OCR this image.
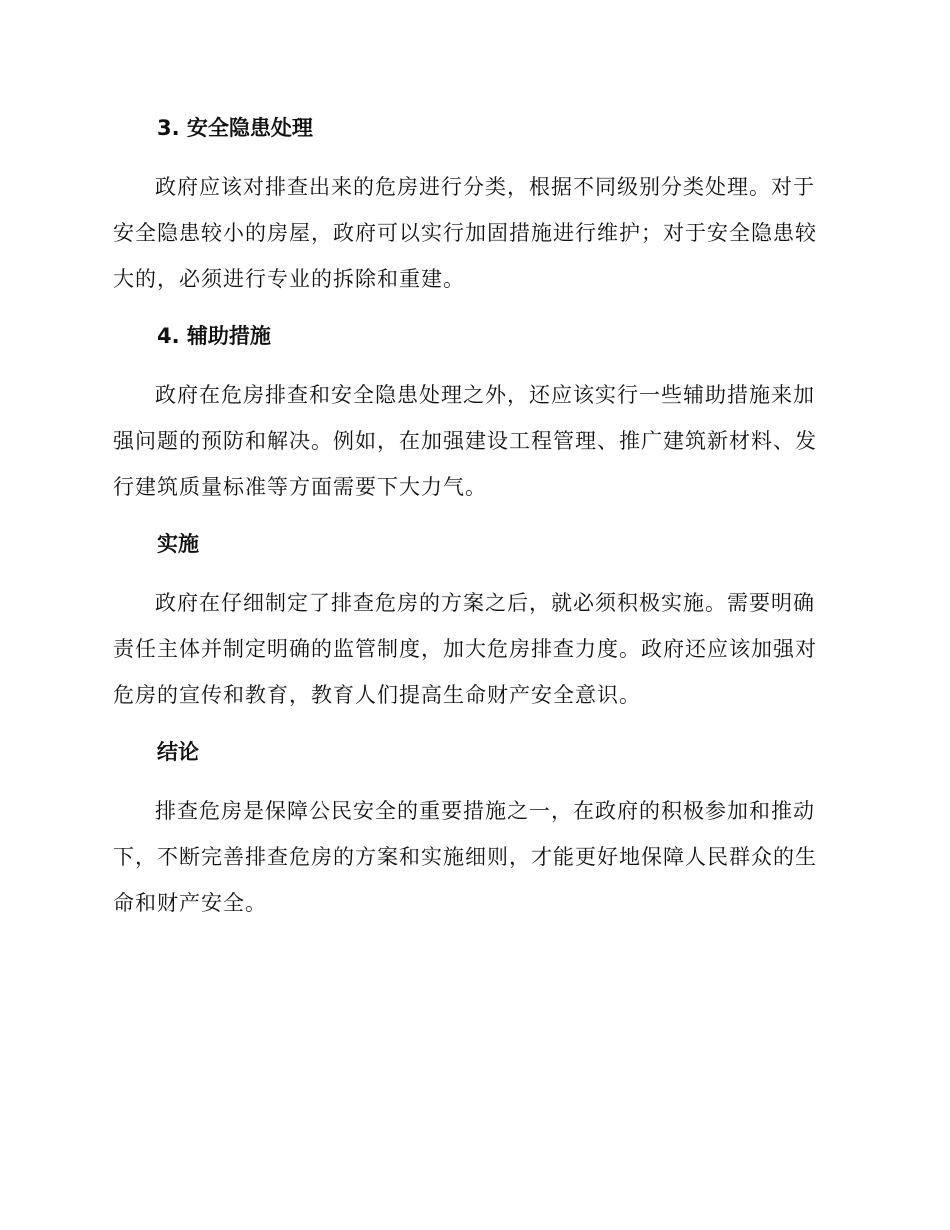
3. 安全隐患处理

政府应该对排查出来的危房进行分类，根据不同级别分类处理。对于安全隐患较小的房屋，政府可以实行加固措施进行维护；对于安全隐患较大的，必须进行专业的拆除和重建。

4. 辅助措施

政府在危房排查和安全隐患处理之外，还应该实行一些辅助措施来加强问题的预防和解决。例如，在加强建设工程管理、推广建筑新材料、发行建筑质量标准等方面需要下大力气。

实施

政府在仔细制定了排查危房的方案之后，就必须积极实施。需要明确责任主体并制定明确的监管制度，加大危房排查力度。政府还应该加强对危房的宣传和教育，教育人们提高生命财产安全意识。

结论

排查危房是保障公民安全的重要措施之一，在政府的积极参加和推动下，不断完善排查危房的方案和实施细则，才能更好地保障人民群众的生命和财产安全。
